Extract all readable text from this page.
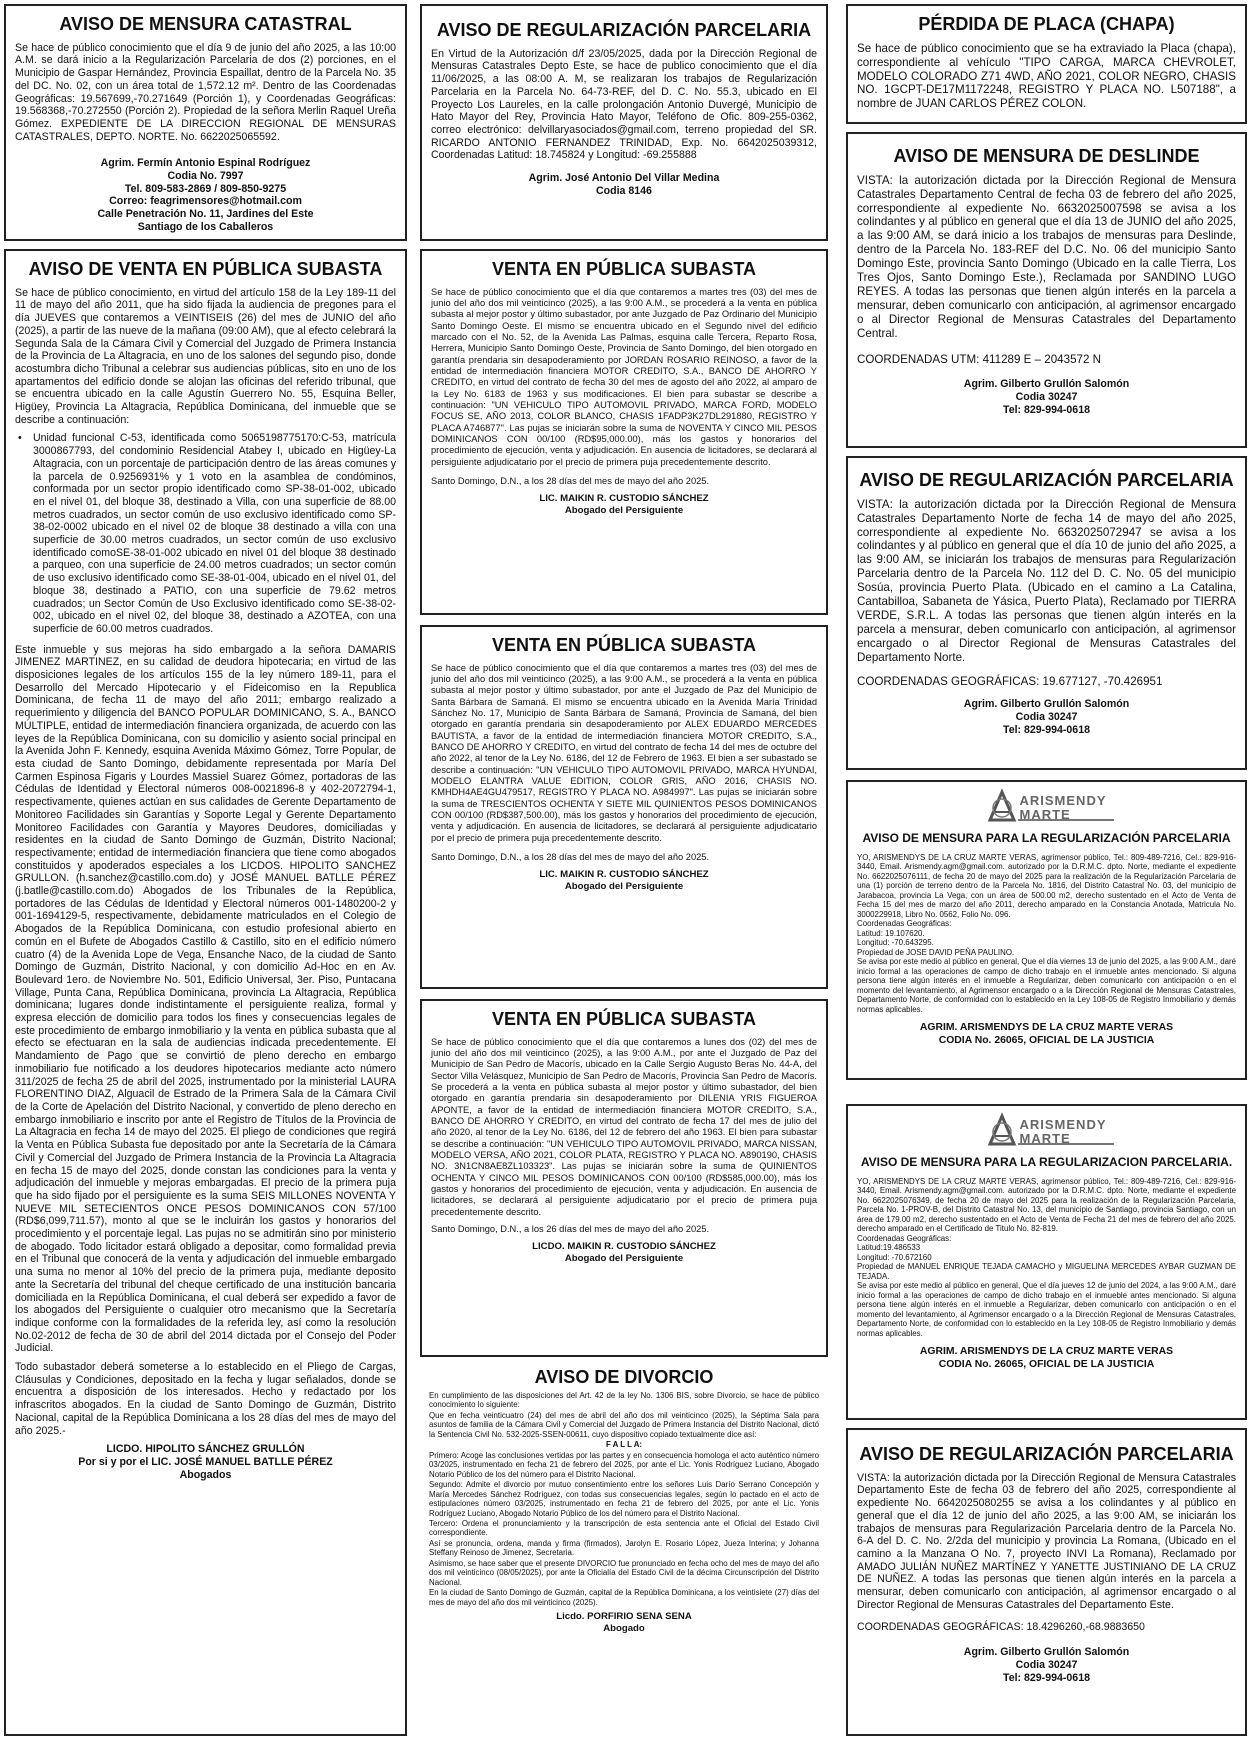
AVISO DE MENSURA CATASTRAL
Se hace de público conocimiento que el día 9 de junio del año 2025, a las 10:00 A.M. se dará inicio a la Regularización Parcelaria de dos (2) porciones, en el Municipio de Gaspar Hernández, Provincia Espaillat, dentro de la Parcela No. 35 del DC. No. 02, con un área total de 1,572.12 m². Dentro de las Coordenadas Geográficas: 19.567699,-70.271649 (Porción 1), y Coordenadas Geográficas: 19.568368,-70.272550 (Porción 2). Propiedad de la señora Merlin Raquel Ureña Gómez. EXPEDIENTE DE LA DIRECCION REGIONAL DE MENSURAS CATASTRALES, DEPTO. NORTE. No. 6622025065592.
Agrim. Fermín Antonio Espinal Rodríguez
Codia No. 7997
Tel. 809-583-2869 / 809-850-9275
Correo: feagrimensores@hotmail.com
Calle Penetración No. 11, Jardines del Este
Santiago de los Caballeros
AVISO DE VENTA EN PÚBLICA SUBASTA
Se hace de público conocimiento, en virtud del artículo 158 de la Ley 189-11 del 11 de mayo del año 2011, que ha sido fijada la audiencia de pregones para el día JUEVES que contaremos a VEINTISEIS (26) del mes de JUNIO del año (2025), a partir de las nueve de la mañana (09:00 AM), que al efecto celebrará la Segunda Sala de la Cámara Civil y Comercial del Juzgado de Primera Instancia de la Provincia de La Altagracia, en uno de los salones del segundo piso, donde acostumbra dicho Tribunal a celebrar sus audiencias públicas, sito en uno de los apartamentos del edificio donde se alojan las oficinas del referido tribunal, que se encuentra ubicado en la calle Agustín Guerrero No. 55, Esquina Beller, Higüey, Provincia La Altagracia, República Dominicana, del inmueble que se describe a continuación:
• Unidad funcional C-53, identificada como 5065198775170:C-53, matrícula 3000867793, del condominio Residencial Atabey I, ubicado en Higüey-La Altagracia, con un porcentaje de participación dentro de las áreas comunes y la parcela de 0.9256931% y 1 voto en la asamblea de condóminos, conformada por un sector propio identificado como SP-38-01-002, ubicado en el nivel 01, del bloque 38, destinado a Villa, con una superficie de 88.00 metros cuadrados, un sector común de uso exclusivo identificado como SP-38-02-0002 ubicado en el nivel 02 de bloque 38 destinado a villa con una superficie de 30.00 metros cuadrados, un sector común de uso exclusivo identificado comoSE-38-01-002 ubicado en nivel 01 del bloque 38 destinado a parqueo, con una superficie de 24.00 metros cuadrados; un sector común de uso exclusivo identificado como SE-38-01-004, ubicado en el nivel 01, del bloque 38, destinado a PATIO, con una superficie de 79.62 metros cuadrados; un Sector Común de Uso Exclusivo identificado como SE-38-02-002, ubicado en el nivel 02, del bloque 38, destinado a AZOTEA, con una superficie de 60.00 metros cuadrados.
Este inmueble y sus mejoras ha sido embargado a la señora DAMARIS JIMENEZ MARTINEZ, en su calidad de deudora hipotecaria; en virtud de las disposiciones legales de los artículos 155 de la ley número 189-11, para el Desarrollo del Mercado Hipotecario y el Fideicomiso en la Republica Dominicana, de fecha 11 de mayo del año 2011; embargo realizado a requerimiento y diligencia del BANCO POPULAR DOMINICANO, S. A., BANCO MÚLTIPLE, entidad de intermediación financiera organizada, de acuerdo con las leyes de la República Dominicana, con su domicilio y asiento social principal en la Avenida John F. Kennedy, esquina Avenida Máximo Gómez, Torre Popular, de esta ciudad de Santo Domingo, debidamente representada por María Del Carmen Espinosa Figaris y Lourdes Massiel Suarez Gómez, portadoras de las Cédulas de Identidad y Electoral números 008-0021896-8 y 402-2072794-1, respectivamente, quienes actúan en sus calidades de Gerente Departamento de Monitoreo Facilidades sin Garantías y Soporte Legal y Gerente Departamento Monitoreo Facilidades con Garantía y Mayores Deudores, domiciliadas y residentes en la ciudad de Santo Domingo de Guzmán, Distrito Nacional; respectivamente; entidad de intermediación financiera que tiene como abogados constituidos y apoderados especiales a los LICDOS. HIPOLITO SANCHEZ GRULLON. (h.sanchez@castillo.com.do) y JOSÉ MANUEL BATLLE PÉREZ (j.batlle@castillo.com.do) Abogados de los Tribunales de la República, portadores de las Cédulas de Identidad y Electoral números 001-1480200-2 y 001-1694129-5, respectivamente, debidamente matriculados en el Colegio de Abogados de la República Dominicana, con estudio profesional abierto en común en el Bufete de Abogados Castillo & Castillo, sito en el edificio número cuatro (4) de la Avenida Lope de Vega, Ensanche Naco, de la ciudad de Santo Domingo de Guzmán, Distrito Nacional, y con domicilio Ad-Hoc en en Av. Boulevard 1ero. de Noviembre No. 501, Edificio Universal, 3er. Piso, Puntacana Village, Punta Cana, República Dominicana, provincia La Altagracia, República dominicana; lugares donde indistintamente el persiguiente realiza, formal y expresa elección de domicilio para todos los fines y consecuencias legales de este procedimiento de embargo inmobiliario y la venta en pública subasta que al efecto se efectuaran en la sala de audiencias indicada precedentemente. El Mandamiento de Pago que se convirtió de pleno derecho en embargo inmobiliario fue notificado a los deudores hipotecarios mediante acto número 311/2025 de fecha 25 de abril del 2025, instrumentado por la ministerial LAURA FLORENTINO DIAZ, Alguacil de Estrado de la Primera Sala de la Cámara Civil de la Corte de Apelación del Distrito Nacional, y convertido de pleno derecho en embargo inmobiliario e inscrito por ante el Registro de Títulos de la Provincia de La Altagracia en fecha 14 de mayo del 2025. El pliego de condiciones que regirá la Venta en Pública Subasta fue depositado por ante la Secretaría de la Cámara Civil y Comercial del Juzgado de Primera Instancia de la Provincia La Altagracia en fecha 15 de mayo del 2025, donde constan las condiciones para la venta y adjudicación del inmueble y mejoras embargadas. El precio de la primera puja que ha sido fijado por el persiguiente es la suma SEIS MILLONES NOVENTA Y NUEVE MIL SETECIENTOS ONCE PESOS DOMINICANOS CON 57/100 (RD$6,099,711.57), monto al que se le incluirán los gastos y honorarios del procedimiento y el porcentaje legal. Las pujas no se admitirán sino por ministerio de abogado. Todo licitador estará obligado a depositar, como formalidad previa en el Tribunal que conocerá de la venta y adjudicación del inmueble embargado una suma no menor al 10% del precio de la primera puja, mediante deposito ante la Secretaría del tribunal del cheque certificado de una institución bancaria domiciliada en la República Dominicana, el cual deberá ser expedido a favor de los abogados del Persiguiente o cualquier otro mecanismo que la Secretaría indique conforme con la formalidades de la referida ley, así como la resolución No.02-2012 de fecha de 30 de abril del 2014 dictada por el Consejo del Poder Judicial.
Todo subastador deberá someterse a lo establecido en el Pliego de Cargas, Cláusulas y Condiciones, depositado en la fecha y lugar señalados, donde se encuentra a disposición de los interesados. Hecho y redactado por los infrascritos abogados. En la ciudad de Santo Domingo de Guzmán, Distrito Nacional, capital de la República Dominicana a los 28 días del mes de mayo del año 2025.-
LICDO. HIPOLITO SÁNCHEZ GRULLÓN
Por si y por el LIC. JOSÉ MANUEL BATLLE PÉREZ
Abogados
AVISO DE REGULARIZACIÓN PARCELARIA
En Virtud de la Autorización d/f 23/05/2025, dada por la Dirección Regional de Mensuras Catastrales Depto Este, se hace de publico conocimiento que el día 11/06/2025, a las 08:00 A. M, se realizaran los trabajos de Regularización Parcelaria en la Parcela No. 64-73-REF, del D. C. No. 55.3, ubicado en El Proyecto Los Laureles, en la calle prolongación Antonio Duvergé, Municipio de Hato Mayor del Rey, Provincia Hato Mayor, Teléfono de Ofic. 809-255-0362, correo electrónico: delvillaryasociados@gmail.com, terreno propiedad del SR. RICARDO ANTONIO FERNANDEZ TRINIDAD, Exp. No. 6642025039312, Coordenadas Latitud: 18.745824 y Longitud: -69.255888
Agrim. José Antonio Del Villar Medina
Codia 8146
VENTA EN PÚBLICA SUBASTA
Se hace de público conocimiento que el día que contaremos a martes tres (03) del mes de junio del año dos mil veinticinco (2025), a las 9:00 A.M., se procederá a la venta en pública subasta al mejor postor y último subastador, por ante Juzgado de Paz Ordinario del Municipio Santo Domingo Oeste. El mismo se encuentra ubicado en el Segundo nivel del edificio marcado con el No. 52, de la Avenida Las Palmas, esquina calle Tercera, Reparto Rosa, Herrera, Municipio Santo Domingo Oeste, Provincia de Santo Domingo, del bien otorgado en garantía prendaria sin desapoderamiento por JORDAN ROSARIO REINOSO, a favor de la entidad de intermediación financiera MOTOR CREDITO, S.A., BANCO DE AHORRO Y CREDITO, en virtud del contrato de fecha 30 del mes de agosto del año 2022, al amparo de la Ley No. 6183 de 1963 y sus modificaciones. El bien para subastar se describe a continuación: "UN VEHICULO TIPO AUTOMOVIL PRIVADO, MARCA FORD, MODELO FOCUS SE, AÑO 2013, COLOR BLANCO, CHASIS 1FADP3K27DL291880, REGISTRO Y PLACA A746877". Las pujas se iniciarán sobre la suma de NOVENTA Y CINCO MIL PESOS DOMINICANOS CON 00/100 (RD$95,000.00), más los gastos y honorarios del procedimiento de ejecución, venta y adjudicación. En ausencia de licitadores, se declarará al persiguiente adjudicatario por el precio de primera puja precedentemente descrito.
Santo Domingo, D.N., a los 28 días del mes de mayo del año 2025.
LIC. MAIKIN R. CUSTODIO SÁNCHEZ
Abogado del Persiguiente
VENTA EN PÚBLICA SUBASTA
Se hace de público conocimiento que el día que contaremos a martes tres (03) del mes de junio del año dos mil veinticinco (2025), a las 9:00 A.M., se procederá a la venta en pública subasta al mejor postor y último subastador, por ante el Juzgado de Paz del Municipio de Santa Bárbara de Samaná. El mismo se encuentra ubicado en la Avenida María Trinidad Sánchez No. 17, Municipio de Santa Bárbara de Samaná, Provincia de Samaná, del bien otorgado en garantía prendaria sin desapoderamiento por ALEX EDUARDO MERCEDES BAUTISTA, a favor de la entidad de intermediación financiera MOTOR CREDITO, S.A., BANCO DE AHORRO Y CREDITO, en virtud del contrato de fecha 14 del mes de octubre del año 2022, al tenor de la Ley No. 6186, del 12 de Febrero de 1963. El bien a ser subastado se describe a continuación: "UN VEHICULO TIPO AUTOMOVIL PRIVADO, MARCA HYUNDAI, MODELO ELANTRA VALUE EDITION, COLOR GRIS, AÑO 2016, CHASIS NO. KMHDH4AE4GU479517, REGISTRO Y PLACA NO. A984997". Las pujas se iniciarán sobre la suma de TRESCIENTOS OCHENTA Y SIETE MIL QUINIENTOS PESOS DOMINICANOS CON 00/100 (RD$387,500.00), más los gastos y honorarios del procedimiento de ejecución, venta y adjudicación. En ausencia de licitadores, se declarará al persiguiente adjudicatario por el precio de primera puja precedentemente descrito.
Santo Domingo, D.N., a los 28 días del mes de mayo del año 2025.
LIC. MAIKIN R. CUSTODIO SÁNCHEZ
Abogado del Persiguiente
VENTA EN PÚBLICA SUBASTA
Se hace de público conocimiento que el día que contaremos a lunes dos (02) del mes de junio del año dos mil veinticinco (2025), a las 9:00 A.M., por ante el Juzgado de Paz del Municipio de San Pedro de Macorís, ubicado en la Calle Sergio Augusto Beras No. 44-A, del Sector Villa Velásquez, Municipio de San Pedro de Macorís, Provincia San Pedro de Macorís. Se procederá a la venta en pública subasta al mejor postor y último subastador, del bien otorgado en garantía prendaria sin desapoderamiento por DILENIA YRIS FIGUEROA APONTE, a favor de la entidad de intermediación financiera MOTOR CREDITO, S.A., BANCO DE AHORRO Y CREDITO, en virtud del contrato de fecha 17 del mes de julio del año 2020, al tenor de la Ley No. 6186, del 12 de febrero del año 1963. El bien para subastar se describe a continuación: "UN VEHICULO TIPO AUTOMOVIL PRIVADO, MARCA NISSAN, MODELO VERSA, AÑO 2021, COLOR PLATA, REGISTRO Y PLACA NO. A890190, CHASIS NO. 3N1CN8AE8ZL103323". Las pujas se iniciarán sobre la suma de QUINIENTOS OCHENTA Y CINCO MIL PESOS DOMINICANOS CON 00/100 (RD$585,000.00), más los gastos y honorarios del procedimiento de ejecución, venta y adjudicación. En ausencia de licitadores, se declarará al persiguiente adjudicatario por el precio de primera puja precedentemente descrito.
Santo Domingo, D.N., a los 26 días del mes de mayo del año 2025.
LICDO. MAIKIN R. CUSTODIO SÁNCHEZ
Abogado del Persiguiente
AVISO DE DIVORCIO
En cumplimiento de las disposiciones del Art. 42 de la ley No. 1306 BIS, sobre Divorcio, se hace de público conocimiento lo siguiente:
Que en fecha veinticuatro (24) del mes de abril del año dos mil veinticinco (2025), la Séptima Sala para asuntos de familia de la Cámara Civil y Comercial del Juzgado de Primera Instancia del Distrito Nacional, dictó la Sentencia Civil No. 532-2025-SSEN-00611, cuyo dispositivo copiado textualmente dice así:
F A L L A:
Primero: Acoge las conclusiones vertidas por las partes y en consecuencia homologa el acto auténtico número 03/2025, instrumentado en fecha 21 de febrero del 2025, por ante el Lic. Yonis Rodríguez Luciano, Abogado Notario Público de los del número para el Distrito Nacional.
Segundo: Admite el divorcio por mutuo consentimiento entre los señores Luis Darío Serrano Concepción y María Mercedes Sánchez Rodríguez, con todas sus consecuencias legales, según lo pactado en el acto de estipulaciones número 03/2025, instrumentado en fecha 21 de febrero del 2025, por ante el Lic. Yonis Rodríguez Luciano, Abogado Notario Público de los del número para el Distrito Nacional.
Tercero: Ordena el pronunciamiento y la transcripción de esta sentencia ante el Oficial del Estado Civil correspondiente.
Así se pronuncia, ordena, manda y firma (firmados), Jarolyn E. Rosario López, Jueza Interina; y Johanna Steffany Reinoso de Jimenez, Secretaria.
Asimismo, se hace saber que el presente DIVORCIO fue pronunciado en fecha ocho del mes de mayo del año dos mil veinticinco (08/05/2025), por ante la Oficialía del Estado Civil de la décima Circunscripción del Distrito Nacional.
En la ciudad de Santo Domingo de Guzmán, capital de la República Dominicana, a los veintisiete (27) días del mes de mayo del año dos mil veinticinco (2025).
Licdo. PORFIRIO SENA SENA
Abogado
PÉRDIDA DE PLACA (CHAPA)
Se hace de público conocimiento que se ha extraviado la Placa (chapa), correspondiente al vehículo "TIPO CARGA, MARCA CHEVROLET, MODELO COLORADO Z71 4WD, AÑO 2021, COLOR NEGRO, CHASIS NO. 1GCPT-DE17M1172248, REGISTRO Y PLACA NO. L507188", a nombre de JUAN CARLOS PÉREZ COLON.
AVISO DE MENSURA DE DESLINDE
VISTA: la autorización dictada por la Dirección Regional de Mensura Catastrales Departamento Central de fecha 03 de febrero del año 2025, correspondiente al expediente No. 6632025007598 se avisa a los colindantes y al público en general que el día 13 de JUNIO del año 2025, a las 9:00 AM, se dará inicio a los trabajos de mensuras para Deslinde, dentro de la Parcela No. 183-REF del D.C. No. 06 del municipio Santo Domingo Este, provincia Santo Domingo (Ubicado en la calle Tierra, Los Tres Ojos, Santo Domingo Este.), Reclamada por SANDINO LUGO REYES. A todas las personas que tienen algún interés en la parcela a mensurar, deben comunicarlo con anticipación, al agrimensor encargado o al Director Regional de Mensuras Catastrales del Departamento Central.
COORDENADAS UTM: 411289 E – 2043572 N
Agrim. Gilberto Grullón Salomón
Codia 30247
Tel: 829-994-0618
AVISO DE REGULARIZACIÓN PARCELARIA
VISTA: la autorización dictada por la Dirección Regional de Mensura Catastrales Departamento Norte de fecha 14 de mayo del año 2025, correspondiente al expediente No. 6632025072947 se avisa a los colindantes y al público en general que el día 10 de junio del año 2025, a las 9:00 AM, se iniciarán los trabajos de mensuras para Regularización Parcelaria dentro de la Parcela No. 112 del D. C. No. 05 del municipio Sosúa, provincia Puerto Plata. (Ubicado en el camino a La Catalina, Cantabilloa, Sabaneta de Yásica, Puerto Plata), Reclamado por TIERRA VERDE, S.R.L. A todas las personas que tienen algún interés en la parcela a mensurar, deben comunicarlo con anticipación, al agrimensor encargado o al Director Regional de Mensuras Catastrales del Departamento Norte.
COORDENADAS GEOGRÁFICAS: 19.677127, -70.426951
Agrim. Gilberto Grullón Salomón
Codia 30247
Tel: 829-994-0618
ARISMENDY MARTE
AVISO DE MENSURA PARA LA REGULARIZACIÓN PARCELARIA
YO, ARISMENDYS DE LA CRUZ MARTE VERAS, agrimensor público, Tel.: 809-489-7216, Cel.: 829-916-3440, Email. Arismendy.agm@gmail.com. autorizado por la D.R.M.C. dpto. Norte, mediante el expediente No. 6622025076111, de fecha 20 de mayo del 2025 para la realización de la Regularización Parcelaria de una (1) porción de terreno dentro de la Parcela No. 1816, del Distrito Catastral No. 03, del municipio de Jarabacoa, provincia La Vega, con un área de 500.00 m2, derecho sustentado en el Acto de Venta de Fecha 15 del mes de marzo del año 2011, derecho amparado en la Constancia Anotada, Matricula No. 3000229918, Libro No. 0562, Folio No. 096.
Coordenadas Geográficas:
Latitud: 19.107620.
Longitud: -70.643295.
Propiedad de JOSE DAVID PEÑA PAULINO.
Se avisa por este medio al público en general, Que el día viernes 13 de junio del 2025, a las 9:00 A.M., daré inicio formal a las operaciones de campo de dicho trabajo en el inmueble antes mencionado. Si alguna persona tiene algún interés en el inmueble a Regularizar, deben comunicarlo con anticipación o en el momento del levantamiento, al Agrimensor encargado o a la Dirección Regional de Mensuras Catastrales, Departamento Norte, de conformidad con lo establecido en la Ley 108-05 de Registro Inmobiliario y demás normas aplicables.
AGRIM. ARISMENDYS DE LA CRUZ MARTE VERAS
CODIA No. 26065, OFICIAL DE LA JUSTICIA
ARISMENDY MARTE
AVISO DE MENSURA PARA LA REGULARIZACION PARCELARIA.
YO, ARISMENDYS DE LA CRUZ MARTE VERAS, agrimensor público, Tel.: 809-489-7216, Cel.: 829-916-3440, Email. Arismendy.agm@gmail.com. autorizado por la D.R.M.C. dpto. Norte, mediante el expediente No. 6622025076349, de fecha 20 de mayo del 2025 para la realización de la Regularización Parcelaria, Parcela No. 1-PROV-B, del Distrito Catastral No. 13, del municipio de Santiago, provincia Santiago, con un área de 179.00 m2, derecho sustentado en el Acto de Venta de Fecha 21 del mes de febrero del año 2025. derecho amparado en el Certificado de Titulo No. 82-819.
Coordenadas Geográficas:
Latitud:19.486533
Longitud: -70.672160
Propiedad de MANUEL ENRIQUE TEJADA CAMACHO y MIGUELINA MERCEDES AYBAR GUZMAN DE TEJADA.
Se avisa por este medio al público en general, Que el día jueves 12 de junio del 2024, a las 9:00 A.M., daré inicio formal a las operaciones de campo de dicho trabajo en el inmueble antes mencionado. Si alguna persona tiene algún interés en el inmueble a Regularizar, deben comunicarlo con anticipación o en el momento del levantamiento, al Agrimensor encargado o a la Dirección Regional de Mensuras Catastrales, Departamento Norte, de conformidad con lo establecido en la Ley 108-05 de Registro Inmobiliario y demás normas aplicables.
AGRIM. ARISMENDYS DE LA CRUZ MARTE VERAS
CODIA No. 26065, OFICIAL DE LA JUSTICIA
AVISO DE REGULARIZACIÓN PARCELARIA
VISTA: la autorización dictada por la Dirección Regional de Mensura Catastrales Departamento Este de fecha 03 de febrero del año 2025, correspondiente al expediente No. 6642025080255 se avisa a los colindantes y al público en general que el día 12 de junio del año 2025, a las 9:00 AM, se iniciarán los trabajos de mensuras para Regularización Parcelaria dentro de la Parcela No. 6-A del D. C. No. 2/2da del municipio y provincia La Romana, (Ubicado en el camino a la Manzana O No. 7, proyecto INVI La Romana), Reclamado por AMADO JULIÁN NUÑEZ MARTÍNEZ Y YANETTE JUSTINIANO DE LA CRUZ DE NUÑEZ. A todas las personas que tienen algún interés en la parcela a mensurar, deben comunicarlo con anticipación, al agrimensor encargado o al Director Regional de Mensuras Catastrales del Departamento Este.
COORDENADAS GEOGRÁFICAS: 18.4296260,-68.9883650
Agrim. Gilberto Grullón Salomón
Codia 30247
Tel: 829-994-0618
